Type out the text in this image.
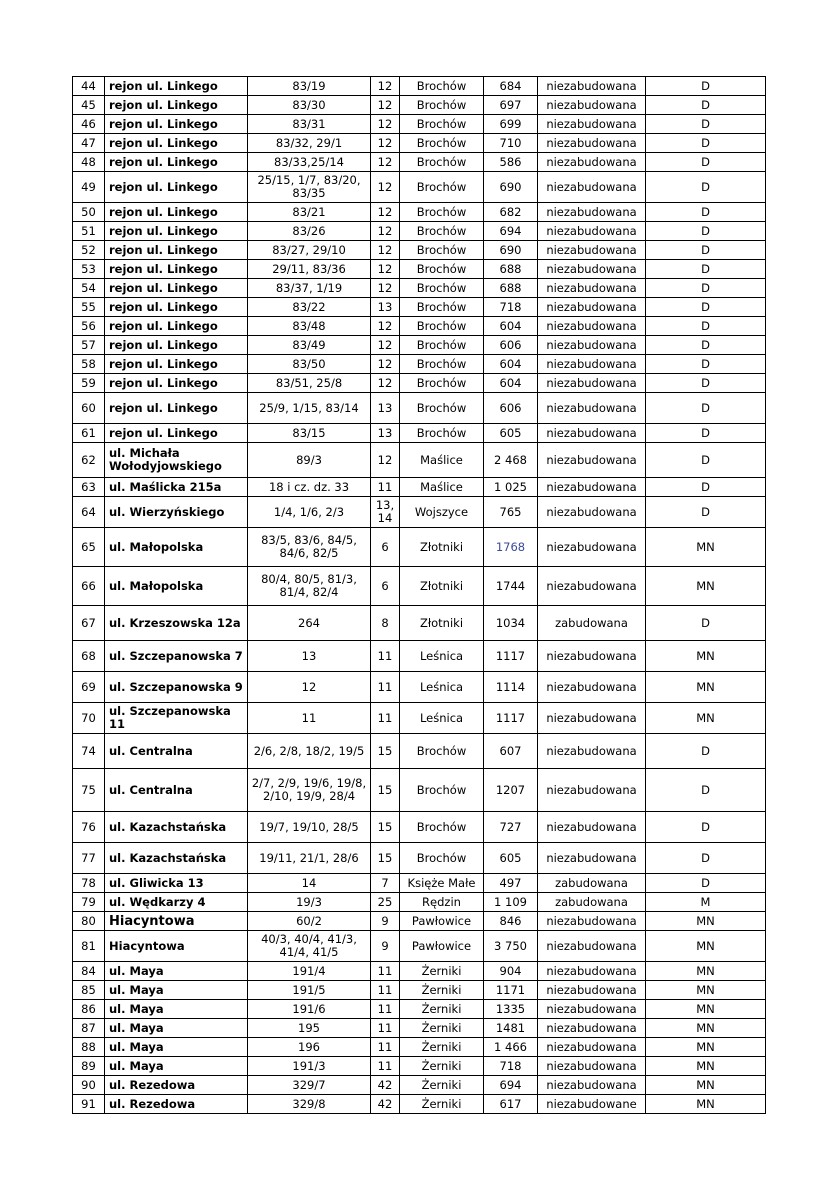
44	rejon ul. Linkego	83/19	12	Brochów	684	niezabudowana	D
45	rejon ul. Linkego	83/30	12	Brochów	697	niezabudowana	D
46	rejon ul. Linkego	83/31	12	Brochów	699	niezabudowana	D
47	rejon ul. Linkego	83/32, 29/1	12	Brochów	710	niezabudowana	D
48	rejon ul. Linkego	83/33,25/14	12	Brochów	586	niezabudowana	D
49	rejon ul. Linkego	25/15, 1/7, 83/20, 83/35	12	Brochów	690	niezabudowana	D
50	rejon ul. Linkego	83/21	12	Brochów	682	niezabudowana	D
51	rejon ul. Linkego	83/26	12	Brochów	694	niezabudowana	D
52	rejon ul. Linkego	83/27, 29/10	12	Brochów	690	niezabudowana	D
53	rejon ul. Linkego	29/11, 83/36	12	Brochów	688	niezabudowana	D
54	rejon ul. Linkego	83/37, 1/19	12	Brochów	688	niezabudowana	D
55	rejon ul. Linkego	83/22	13	Brochów	718	niezabudowana	D
56	rejon ul. Linkego	83/48	12	Brochów	604	niezabudowana	D
57	rejon ul. Linkego	83/49	12	Brochów	606	niezabudowana	D
58	rejon ul. Linkego	83/50	12	Brochów	604	niezabudowana	D
59	rejon ul. Linkego	83/51, 25/8	12	Brochów	604	niezabudowana	D
60	rejon ul. Linkego	25/9, 1/15, 83/14	13	Brochów	606	niezabudowana	D
61	rejon ul. Linkego	83/15	13	Brochów	605	niezabudowana	D
62	ul. Michała Wołodyjowskiego	89/3	12	Maślice	2 468	niezabudowana	D
63	ul. Maślicka 215a	18 i cz. dz. 33	11	Maślice	1 025	niezabudowana	D
64	ul. Wierzyńskiego	1/4, 1/6, 2/3	13, 14	Wojszyce	765	niezabudowana	D
65	ul. Małopolska	83/5, 83/6, 84/5, 84/6, 82/5	6	Złotniki	1768	niezabudowana	MN
66	ul. Małopolska	80/4, 80/5, 81/3, 81/4, 82/4	6	Złotniki	1744	niezabudowana	MN
67	ul. Krzeszowska 12a	264	8	Złotniki	1034	zabudowana	D
68	ul. Szczepanowska 7	13	11	Leśnica	1117	niezabudowana	MN
69	ul. Szczepanowska 9	12	11	Leśnica	1114	niezabudowana	MN
70	ul. Szczepanowska 11	11	11	Leśnica	1117	niezabudowana	MN
74	ul. Centralna	2/6, 2/8, 18/2, 19/5	15	Brochów	607	niezabudowana	D
75	ul. Centralna	2/7, 2/9, 19/6, 19/8, 2/10, 19/9, 28/4	15	Brochów	1207	niezabudowana	D
76	ul. Kazachstańska	19/7, 19/10, 28/5	15	Brochów	727	niezabudowana	D
77	ul. Kazachstańska	19/11, 21/1, 28/6	15	Brochów	605	niezabudowana	D
78	ul. Gliwicka 13	14	7	Księże Małe	497	zabudowana	D
79	ul. Wędkarzy 4	19/3	25	Rędzin	1 109	zabudowana	M
80	Hiacyntowa	60/2	9	Pawłowice	846	niezabudowana	MN
81	Hiacyntowa	40/3, 40/4, 41/3, 41/4, 41/5	9	Pawłowice	3 750	niezabudowana	MN
84	ul. Maya	191/4	11	Żerniki	904	niezabudowana	MN
85	ul. Maya	191/5	11	Żerniki	1171	niezabudowana	MN
86	ul. Maya	191/6	11	Żerniki	1335	niezabudowana	MN
87	ul. Maya	195	11	Żerniki	1481	niezabudowana	MN
88	ul. Maya	196	11	Żerniki	1 466	niezabudowana	MN
89	ul. Maya	191/3	11	Żerniki	718	niezabudowana	MN
90	ul. Rezedowa	329/7	42	Żerniki	694	niezabudowana	MN
91	ul. Rezedowa	329/8	42	Żerniki	617	niezabudowane	MN
